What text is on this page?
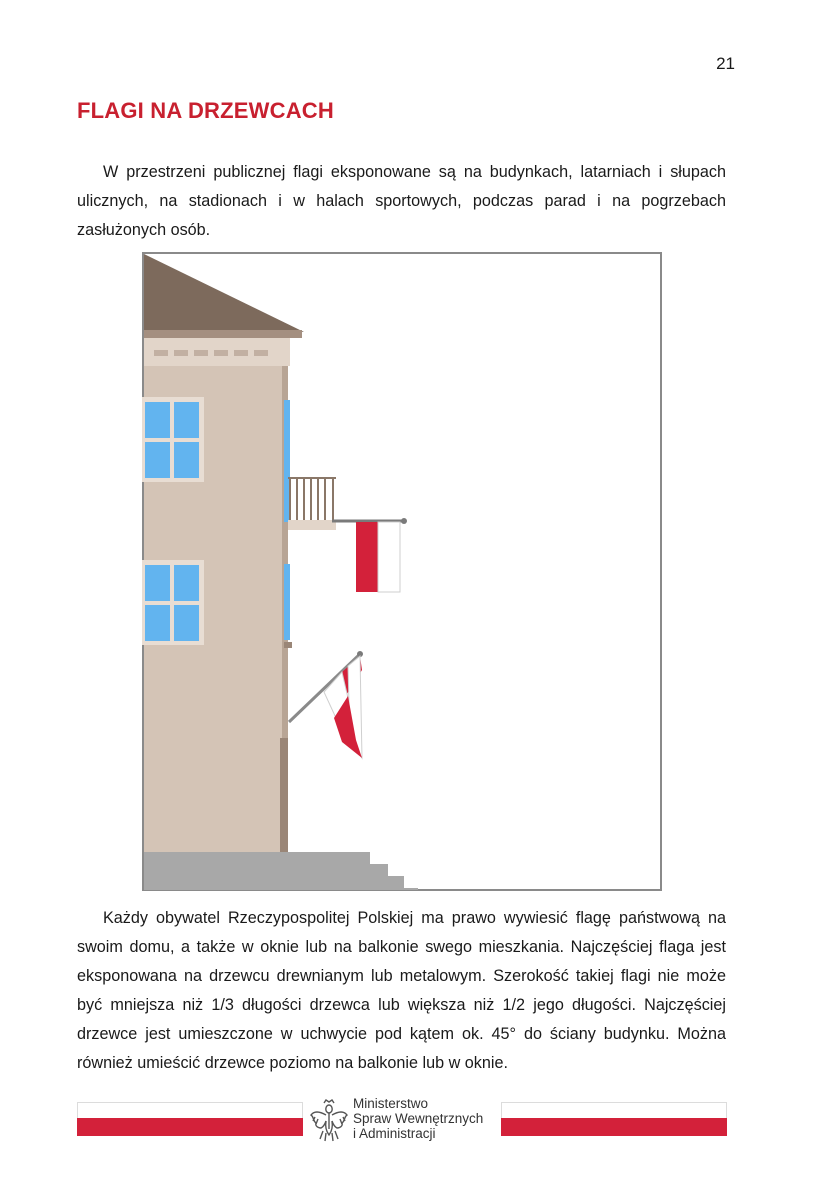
21
FLAGI NA DRZEWCACH

W przestrzeni publicznej flagi eksponowane są na budynkach, latarniach i słupach ulicznych, na stadionach i w halach sportowych, podczas parad i na pogrzebach zasłużonych osób.

Każdy obywatel Rzeczypospolitej Polskiej ma prawo wywiesić flagę państwową na swoim domu, a także w oknie lub na balkonie swego mieszkania. Najczęściej flaga jest eksponowana na drzewcu drewnianym lub metalowym. Szerokość takiej flagi nie może być mniejsza niż 1/3 długości drzewca lub większa niż 1/2 jego długości. Najczęściej drzewce jest umieszczone w uchwycie pod kątem ok. 45° do ściany budynku. Można również umieścić drzewce poziomo na balkonie lub w oknie.

Ministerstwo
Spraw Wewnętrznych
i Administracji
